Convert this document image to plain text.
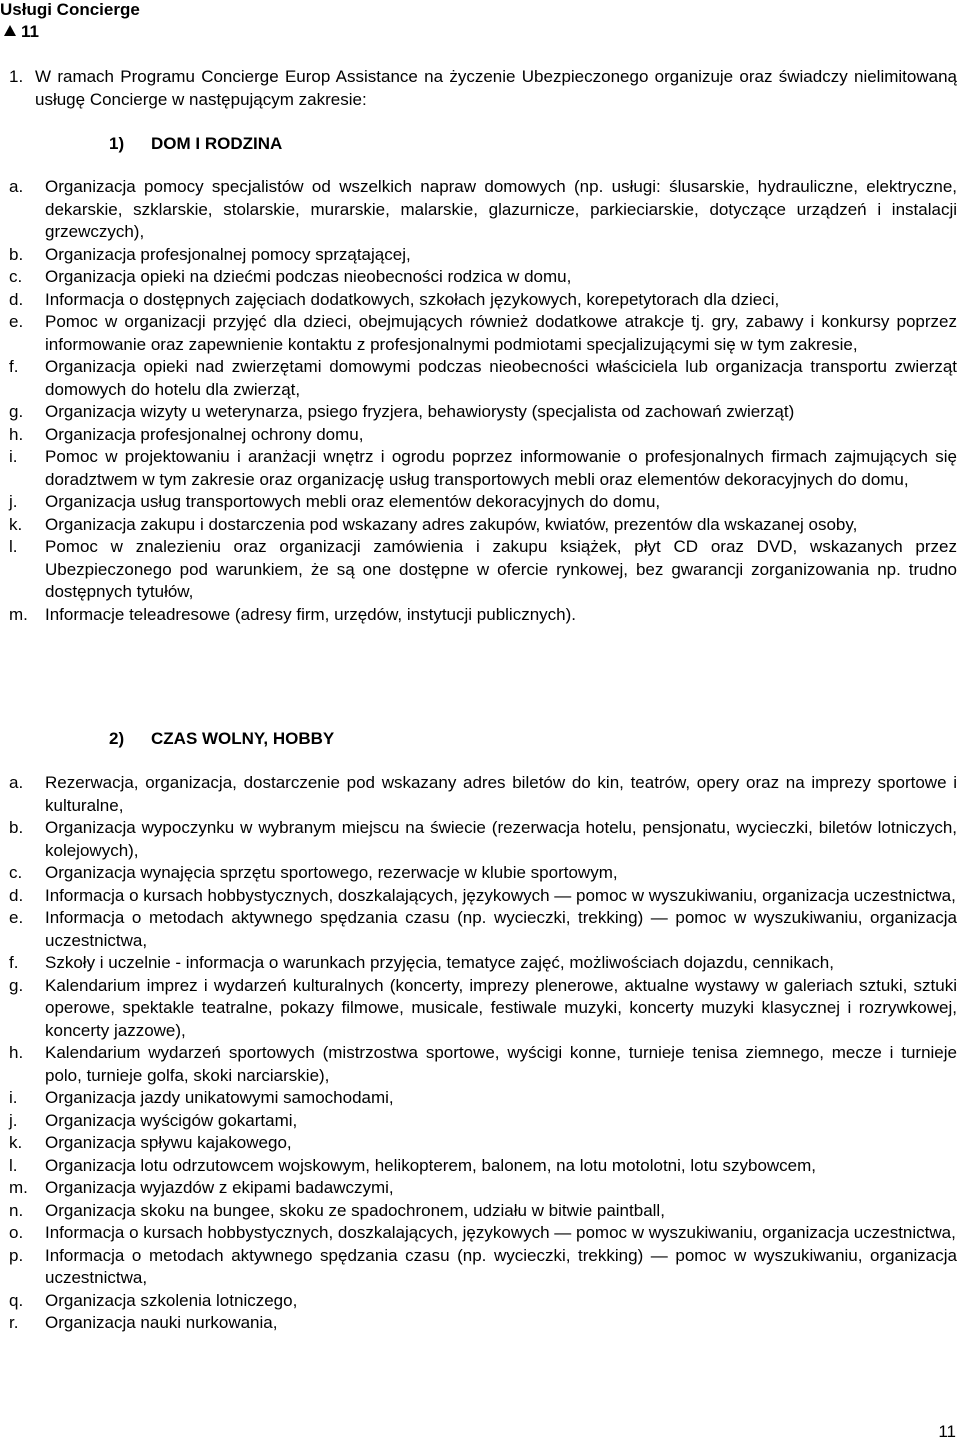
Usługi Concierge
11
1. W ramach Programu Concierge Europ Assistance na życzenie Ubezpieczonego organizuje oraz świadczy nielimitowaną usługę Concierge w następującym zakresie:
1) DOM I RODZINA
a. Organizacja pomocy specjalistów od wszelkich napraw domowych (np. usługi: ślusarskie, hydrauliczne, elektryczne, dekarskie, szklarskie, stolarskie, murarskie, malarskie, glazurnicze, parkieciarskie, dotyczące urządzeń i instalacji grzewczych),
b. Organizacja profesjonalnej pomocy sprzątającej,
c. Organizacja opieki na dziećmi podczas nieobecności rodzica w domu,
d. Informacja o dostępnych zajęciach dodatkowych, szkołach językowych, korepetytorach dla dzieci,
e. Pomoc w organizacji przyjęć dla dzieci, obejmujących również dodatkowe atrakcje tj. gry, zabawy i konkursy poprzez informowanie oraz zapewnienie kontaktu z profesjonalnymi podmiotami specjalizującymi się w tym zakresie,
f. Organizacja opieki nad zwierzętami domowymi podczas nieobecności właściciela lub organizacja transportu zwierząt domowych do hotelu dla zwierząt,
g. Organizacja wizyty u weterynarza, psiego fryzjera, behawiorysty (specjalista od zachowań zwierząt)
h. Organizacja profesjonalnej ochrony domu,
i. Pomoc w projektowaniu i aranżacji wnętrz i ogrodu poprzez informowanie o profesjonalnych firmach zajmujących się doradztwem w tym zakresie oraz organizację usług transportowych mebli oraz elementów dekoracyjnych do domu,
j. Organizacja usług transportowych mebli oraz elementów dekoracyjnych do domu,
k. Organizacja zakupu i dostarczenia pod wskazany adres zakupów, kwiatów, prezentów dla wskazanej osoby,
l. Pomoc w znalezieniu oraz organizacji zamówienia i zakupu książek, płyt CD oraz DVD, wskazanych przez Ubezpieczonego pod warunkiem, że są one dostępne w ofercie rynkowej, bez gwarancji zorganizowania np. trudno dostępnych tytułów,
m. Informacje teleadresowe (adresy firm, urzędów, instytucji publicznych).
2) CZAS WOLNY, HOBBY
a. Rezerwacja, organizacja, dostarczenie pod wskazany adres biletów do kin, teatrów, opery oraz na imprezy sportowe i kulturalne,
b. Organizacja wypoczynku w wybranym miejscu na świecie (rezerwacja hotelu, pensjonatu, wycieczki, biletów lotniczych, kolejowych),
c. Organizacja wynajęcia sprzętu sportowego, rezerwacje w klubie sportowym,
d. Informacja o kursach hobbystycznych, doszkalających, językowych — pomoc w wyszukiwaniu, organizacja uczestnictwa,
e. Informacja o metodach aktywnego spędzania czasu (np. wycieczki, trekking) — pomoc w wyszukiwaniu, organizacja uczestnictwa,
f. Szkoły i uczelnie - informacja o warunkach przyjęcia, tematyce zajęć, możliwościach dojazdu, cennikach,
g. Kalendarium imprez i wydarzeń kulturalnych (koncerty, imprezy plenerowe, aktualne wystawy w galeriach sztuki, sztuki operowe, spektakle teatralne, pokazy filmowe, musicale, festiwale muzyki, koncerty muzyki klasycznej i rozrywkowej, koncerty jazzowe),
h. Kalendarium wydarzeń sportowych (mistrzostwa sportowe, wyścigi konne, turnieje tenisa ziemnego, mecze i turnieje polo, turnieje golfa, skoki narciarskie),
i. Organizacja jazdy unikatowymi samochodami,
j. Organizacja wyścigów gokartami,
k. Organizacja spływu kajakowego,
l. Organizacja lotu odrzutowcem wojskowym, helikopterem, balonem, na lotu motolotni, lotu szybowcem,
m. Organizacja wyjazdów z ekipami badawczymi,
n. Organizacja skoku na bungee, skoku ze spadochronem, udziału w bitwie paintball,
o. Informacja o kursach hobbystycznych, doszkalających, językowych — pomoc w wyszukiwaniu, organizacja uczestnictwa,
p. Informacja o metodach aktywnego spędzania czasu (np. wycieczki, trekking) — pomoc w wyszukiwaniu, organizacja uczestnictwa,
q. Organizacja szkolenia lotniczego,
r. Organizacja nauki nurkowania,
11
